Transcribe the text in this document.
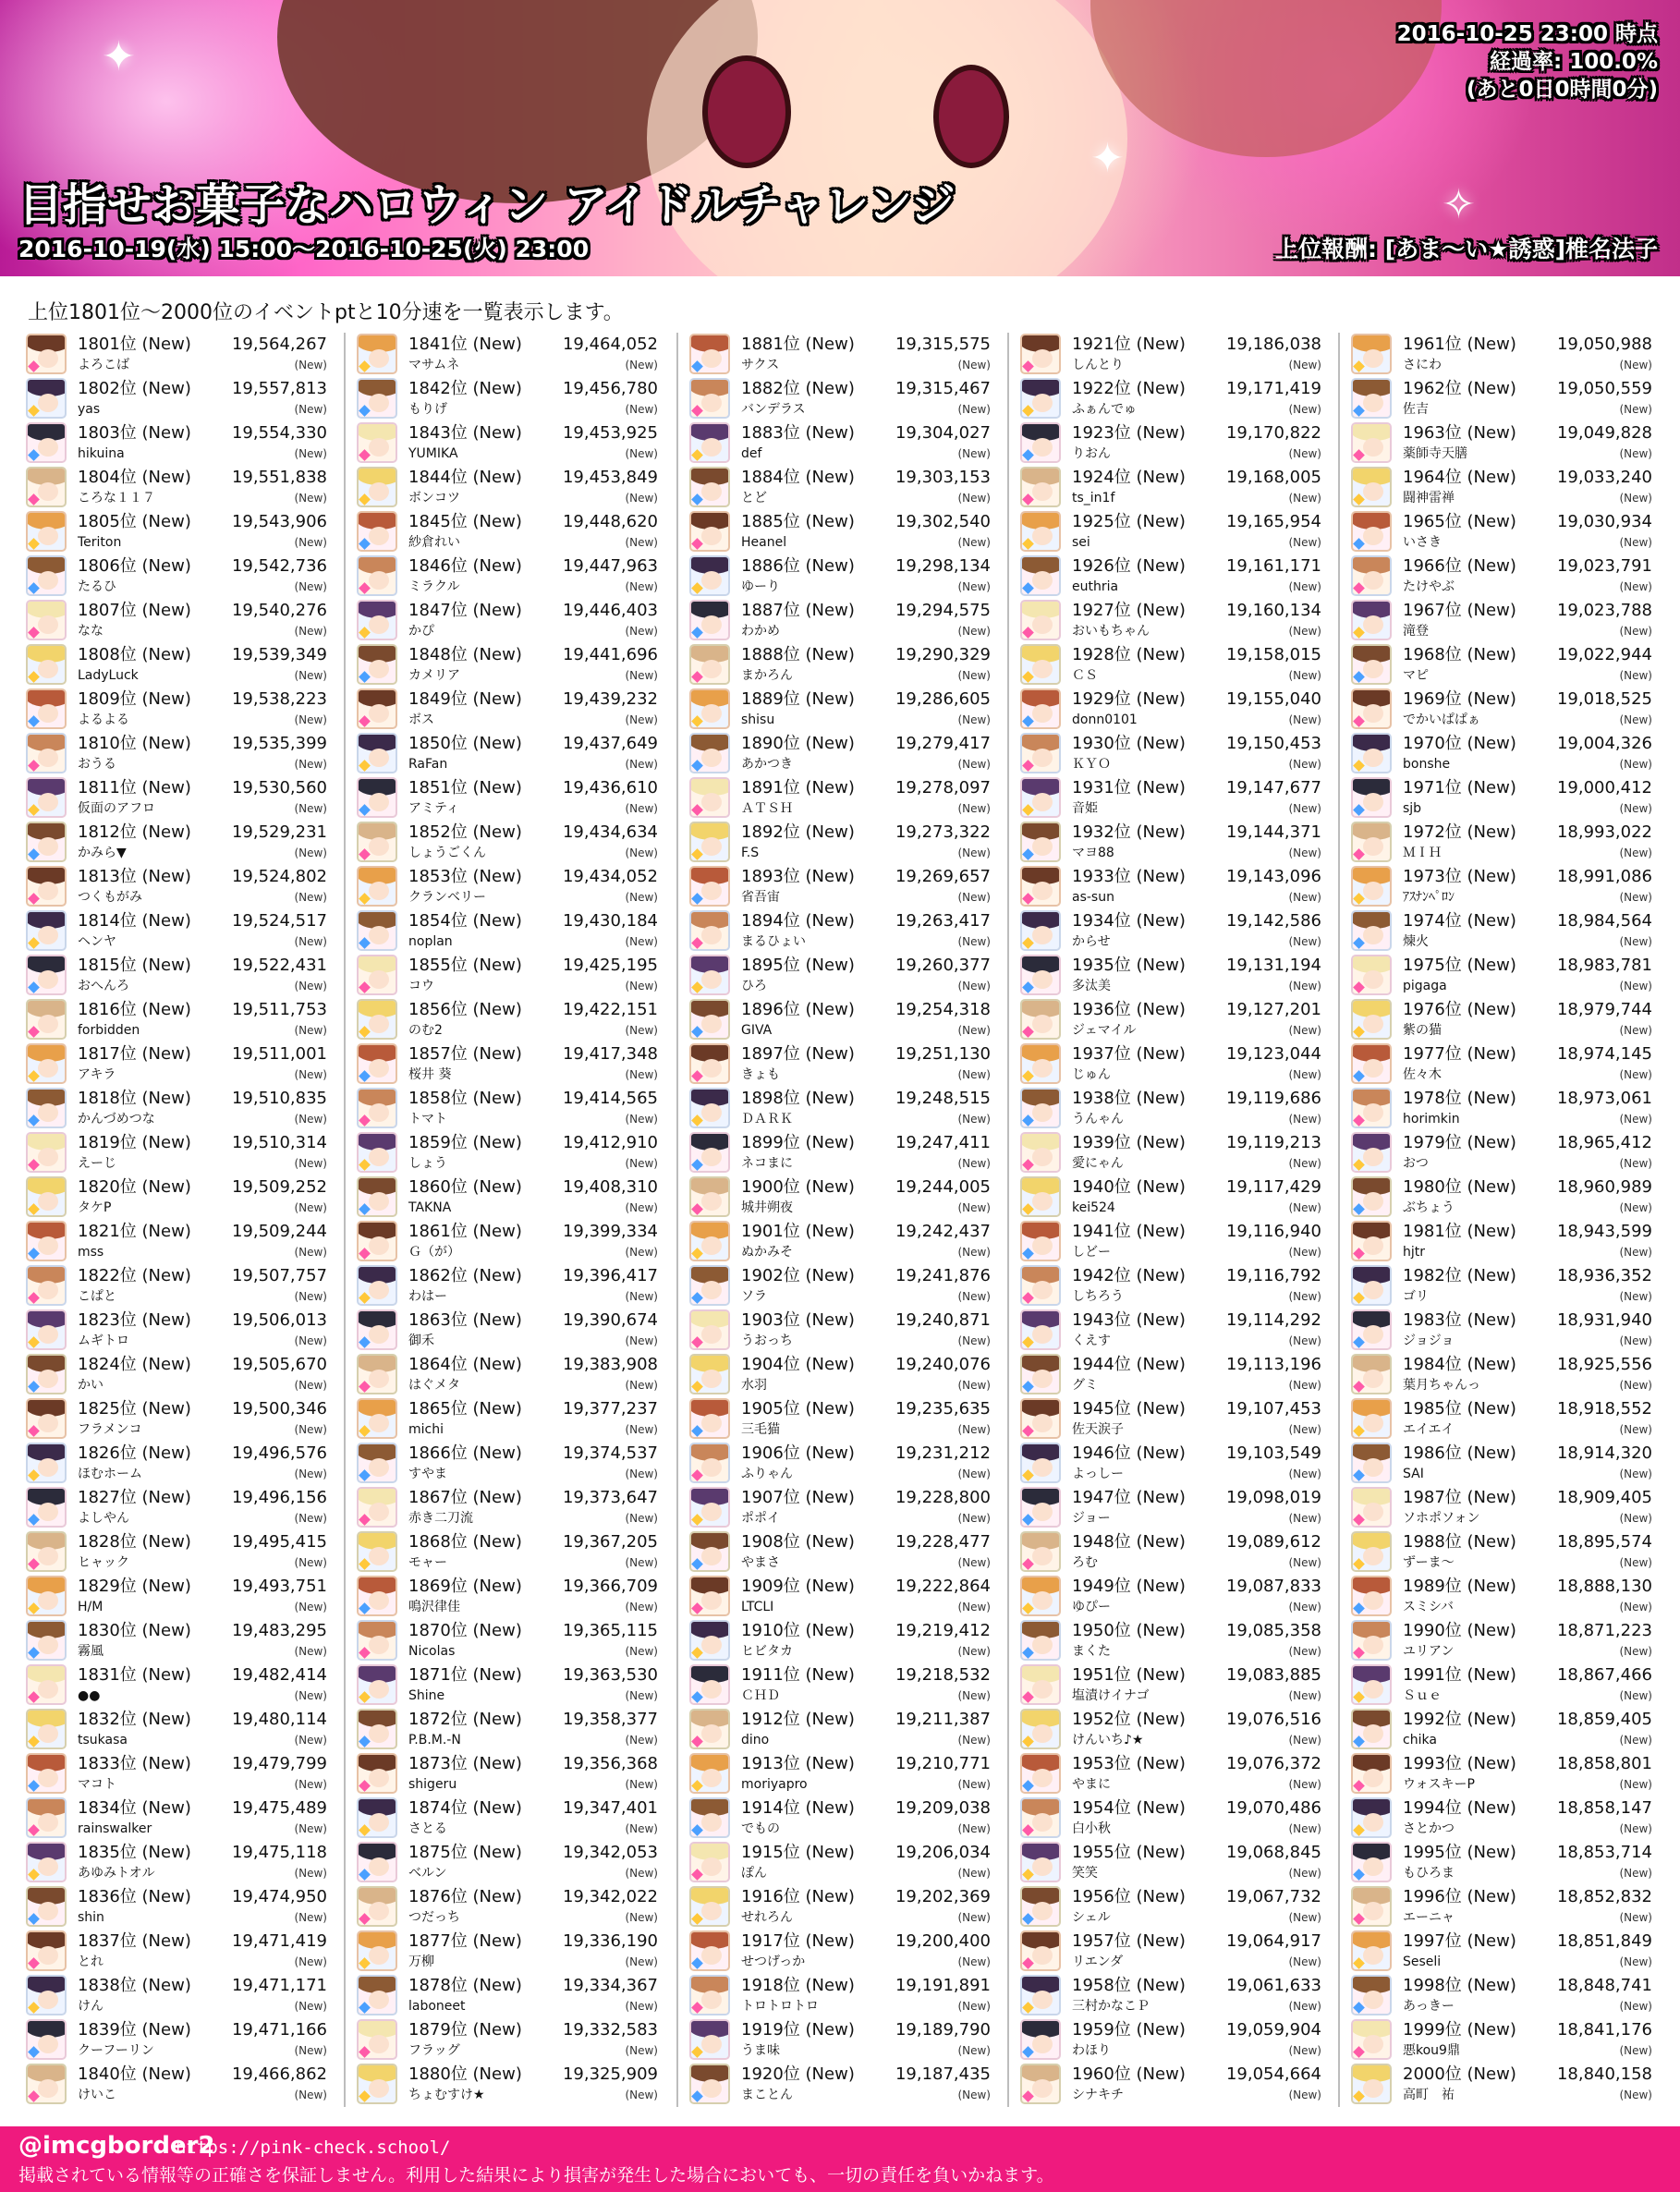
✦
✦
✧
2016-10-25 23:00 時点
経過率: 100.0%
(あと0日0時間0分)
目指せお菓子なハロウィン アイドルチャレンジ
2016-10-19(水) 15:00〜2016-10-25(火) 23:00	上位報酬: [あま〜い★誘惑]椎名法子
上位1801位〜2000位のイベントptと10分速を一覧表示します。
1801位 (New) 19,564,267
よろこば	(New)
1802位 (New) 19,557,813
yas	(New)
1803位 (New) 19,554,330
hikuina	(New)
1804位 (New) 19,551,838
ころな１１７	(New)
1805位 (New) 19,543,906
Teriton	(New)
1806位 (New) 19,542,736
たるひ	(New)
1807位 (New) 19,540,276
なな	(New)
1808位 (New) 19,539,349
LadyLuck	(New)
1809位 (New) 19,538,223
よるよる	(New)
1810位 (New) 19,535,399
おうる	(New)
1811位 (New) 19,530,560
仮面のアフロ	(New)
1812位 (New) 19,529,231
かみら▼	(New)
1813位 (New) 19,524,802
つくもがみ	(New)
1814位 (New) 19,524,517
ヘンヤ	(New)
1815位 (New) 19,522,431
おへんろ	(New)
1816位 (New) 19,511,753
forbidden	(New)
1817位 (New) 19,511,001
アキラ	(New)
1818位 (New) 19,510,835
かんづめつな	(New)
1819位 (New) 19,510,314
えーじ	(New)
1820位 (New) 19,509,252
タケP	(New)
1821位 (New) 19,509,244
mss	(New)
1822位 (New) 19,507,757
こぱと	(New)
1823位 (New) 19,506,013
ムギトロ	(New)
1824位 (New) 19,505,670
かい	(New)
1825位 (New) 19,500,346
フラメンコ	(New)
1826位 (New) 19,496,576
ほむホーム	(New)
1827位 (New) 19,496,156
よしやん	(New)
1828位 (New) 19,495,415
ヒャック	(New)
1829位 (New) 19,493,751
H/M	(New)
1830位 (New) 19,483,295
霧風	(New)
1831位 (New) 19,482,414
●●	(New)
1832位 (New) 19,480,114
tsukasa	(New)
1833位 (New) 19,479,799
マコト	(New)
1834位 (New) 19,475,489
rainswalker	(New)
1835位 (New) 19,475,118
あゆみトオル	(New)
1836位 (New) 19,474,950
shin	(New)
1837位 (New) 19,471,419
とれ	(New)
1838位 (New) 19,471,171
けん	(New)
1839位 (New) 19,471,166
クーフーリン	(New)
1840位 (New) 19,466,862
けいこ	(New)
1841位 (New) 19,464,052
マサムネ	(New)
1842位 (New) 19,456,780
もりげ	(New)
1843位 (New) 19,453,925
YUMIKA	(New)
1844位 (New) 19,453,849
ボンコツ	(New)
1845位 (New) 19,448,620
紗倉れい	(New)
1846位 (New) 19,447,963
ミラクル	(New)
1847位 (New) 19,446,403
かぴ	(New)
1848位 (New) 19,441,696
カメリア	(New)
1849位 (New) 19,439,232
ボス	(New)
1850位 (New) 19,437,649
RaFan	(New)
1851位 (New) 19,436,610
アミティ	(New)
1852位 (New) 19,434,634
しょうごくん	(New)
1853位 (New) 19,434,052
クランベリー	(New)
1854位 (New) 19,430,184
noplan	(New)
1855位 (New) 19,425,195
コウ	(New)
1856位 (New) 19,422,151
のむ2	(New)
1857位 (New) 19,417,348
桜井 葵	(New)
1858位 (New) 19,414,565
トマト	(New)
1859位 (New) 19,412,910
しょう	(New)
1860位 (New) 19,408,310
TAKNA	(New)
1861位 (New) 19,399,334
Ｇ（が）	(New)
1862位 (New) 19,396,417
わはー	(New)
1863位 (New) 19,390,674
御禾	(New)
1864位 (New) 19,383,908
はぐメタ	(New)
1865位 (New) 19,377,237
michi	(New)
1866位 (New) 19,374,537
すやま	(New)
1867位 (New) 19,373,647
赤き二刀流	(New)
1868位 (New) 19,367,205
モャー	(New)
1869位 (New) 19,366,709
鳴沢律佳	(New)
1870位 (New) 19,365,115
Nicolas	(New)
1871位 (New) 19,363,530
Shine	(New)
1872位 (New) 19,358,377
P.B.M.-N	(New)
1873位 (New) 19,356,368
shigeru	(New)
1874位 (New) 19,347,401
さとる	(New)
1875位 (New) 19,342,053
ベルン	(New)
1876位 (New) 19,342,022
つだっち	(New)
1877位 (New) 19,336,190
万柳	(New)
1878位 (New) 19,334,367
laboneet	(New)
1879位 (New) 19,332,583
フラッグ	(New)
1880位 (New) 19,325,909
ちょむすけ★	(New)
1881位 (New) 19,315,575
サクス	(New)
1882位 (New) 19,315,467
バンデラス	(New)
1883位 (New) 19,304,027
def	(New)
1884位 (New) 19,303,153
とど	(New)
1885位 (New) 19,302,540
Heanel	(New)
1886位 (New) 19,298,134
ゆーり	(New)
1887位 (New) 19,294,575
わかめ	(New)
1888位 (New) 19,290,329
まかろん	(New)
1889位 (New) 19,286,605
shisu	(New)
1890位 (New) 19,279,417
あかつき	(New)
1891位 (New) 19,278,097
ＡＴＳＨ	(New)
1892位 (New) 19,273,322
F.S	(New)
1893位 (New) 19,269,657
省吾宙	(New)
1894位 (New) 19,263,417
まるひょい	(New)
1895位 (New) 19,260,377
ひろ	(New)
1896位 (New) 19,254,318
GIVA	(New)
1897位 (New) 19,251,130
きょも	(New)
1898位 (New) 19,248,515
ＤＡＲＫ	(New)
1899位 (New) 19,247,411
ネコまに	(New)
1900位 (New) 19,244,005
城井朔夜	(New)
1901位 (New) 19,242,437
ぬかみそ	(New)
1902位 (New) 19,241,876
ソラ	(New)
1903位 (New) 19,240,871
うおっち	(New)
1904位 (New) 19,240,076
水羽	(New)
1905位 (New) 19,235,635
三毛猫	(New)
1906位 (New) 19,231,212
ふりゃん	(New)
1907位 (New) 19,228,800
ポポイ	(New)
1908位 (New) 19,228,477
やまさ	(New)
1909位 (New) 19,222,864
LTCLI	(New)
1910位 (New) 19,219,412
ヒビタカ	(New)
1911位 (New) 19,218,532
ＣＨＤ	(New)
1912位 (New) 19,211,387
dino	(New)
1913位 (New) 19,210,771
moriyapro	(New)
1914位 (New) 19,209,038
でもの	(New)
1915位 (New) 19,206,034
ぽん	(New)
1916位 (New) 19,202,369
せれろん	(New)
1917位 (New) 19,200,400
せつげっか	(New)
1918位 (New) 19,191,891
トロトロトロ	(New)
1919位 (New) 19,189,790
うま味	(New)
1920位 (New) 19,187,435
まことん	(New)
1921位 (New) 19,186,038
しんとり	(New)
1922位 (New) 19,171,419
ふぁんでゅ	(New)
1923位 (New) 19,170,822
りおん	(New)
1924位 (New) 19,168,005
ts_in1f	(New)
1925位 (New) 19,165,954
sei	(New)
1926位 (New) 19,161,171
euthria	(New)
1927位 (New) 19,160,134
おいもちゃん	(New)
1928位 (New) 19,158,015
ＣＳ	(New)
1929位 (New) 19,155,040
donn0101	(New)
1930位 (New) 19,150,453
ＫＹＯ	(New)
1931位 (New) 19,147,677
音姫	(New)
1932位 (New) 19,144,371
マヨ88	(New)
1933位 (New) 19,143,096
as-sun	(New)
1934位 (New) 19,142,586
からせ	(New)
1935位 (New) 19,131,194
多汰美	(New)
1936位 (New) 19,127,201
ジェマイル	(New)
1937位 (New) 19,123,044
じゅん	(New)
1938位 (New) 19,119,686
うんゃん	(New)
1939位 (New) 19,119,213
愛にゃん	(New)
1940位 (New) 19,117,429
kei524	(New)
1941位 (New) 19,116,940
しどー	(New)
1942位 (New) 19,116,792
しちろう	(New)
1943位 (New) 19,114,292
くえす	(New)
1944位 (New) 19,113,196
グミ	(New)
1945位 (New) 19,107,453
佐天涙子	(New)
1946位 (New) 19,103,549
よっしー	(New)
1947位 (New) 19,098,019
ジョー	(New)
1948位 (New) 19,089,612
ろむ	(New)
1949位 (New) 19,087,833
ゆぴー	(New)
1950位 (New) 19,085,358
まくた	(New)
1951位 (New) 19,083,885
塩漬けイナゴ	(New)
1952位 (New) 19,076,516
けんいち♪★	(New)
1953位 (New) 19,076,372
やまに	(New)
1954位 (New) 19,070,486
白小秋	(New)
1955位 (New) 19,068,845
笑笑	(New)
1956位 (New) 19,067,732
シェル	(New)
1957位 (New) 19,064,917
リエンダ	(New)
1958位 (New) 19,061,633
三村かなこＰ	(New)
1959位 (New) 19,059,904
わほり	(New)
1960位 (New) 19,054,664
シナキチ	(New)
1961位 (New) 19,050,988
さにわ	(New)
1962位 (New) 19,050,559
佐吉	(New)
1963位 (New) 19,049,828
薬師寺天膳	(New)
1964位 (New) 19,033,240
闘神雷禅	(New)
1965位 (New) 19,030,934
いさき	(New)
1966位 (New) 19,023,791
たけやぶ	(New)
1967位 (New) 19,023,788
滝登	(New)
1968位 (New) 19,022,944
マピ	(New)
1969位 (New) 19,018,525
でかいぱぱぁ	(New)
1970位 (New) 19,004,326
bonshe	(New)
1971位 (New) 19,000,412
sjb	(New)
1972位 (New) 18,993,022
ＭＩＨ	(New)
1973位 (New) 18,991,086
ｱｽﾅﾝﾍﾟﾛﾝ	(New)
1974位 (New) 18,984,564
煉火	(New)
1975位 (New) 18,983,781
pigaga	(New)
1976位 (New) 18,979,744
紫の猫	(New)
1977位 (New) 18,974,145
佐々木	(New)
1978位 (New) 18,973,061
horimkin	(New)
1979位 (New) 18,965,412
おつ	(New)
1980位 (New) 18,960,989
ぶちょう	(New)
1981位 (New) 18,943,599
hjtr	(New)
1982位 (New) 18,936,352
ゴリ	(New)
1983位 (New) 18,931,940
ジョジョ	(New)
1984位 (New) 18,925,556
葉月ちゃんっ	(New)
1985位 (New) 18,918,552
エイエイ	(New)
1986位 (New) 18,914,320
SAI	(New)
1987位 (New) 18,909,405
ソホポソォン	(New)
1988位 (New) 18,895,574
ずーま〜	(New)
1989位 (New) 18,888,130
スミシバ	(New)
1990位 (New) 18,871,223
ユリアン	(New)
1991位 (New) 18,867,466
Ｓｕｅ	(New)
1992位 (New) 18,859,405
chika	(New)
1993位 (New) 18,858,801
ウォスキーP	(New)
1994位 (New) 18,858,147
さとかつ	(New)
1995位 (New) 18,853,714
もひろま	(New)
1996位 (New) 18,852,832
エーニャ	(New)
1997位 (New) 18,851,849
Seseli	(New)
1998位 (New) 18,848,741
あっきー	(New)
1999位 (New) 18,841,176
悪kou9鼎	(New)
2000位 (New) 18,840,158
高町　祐	(New)
@imcgborder2
https://pink-check.school/
掲載されている情報等の正確さを保証しません。利用した結果により損害が発生した場合においても、一切の責任を負いかねます。
